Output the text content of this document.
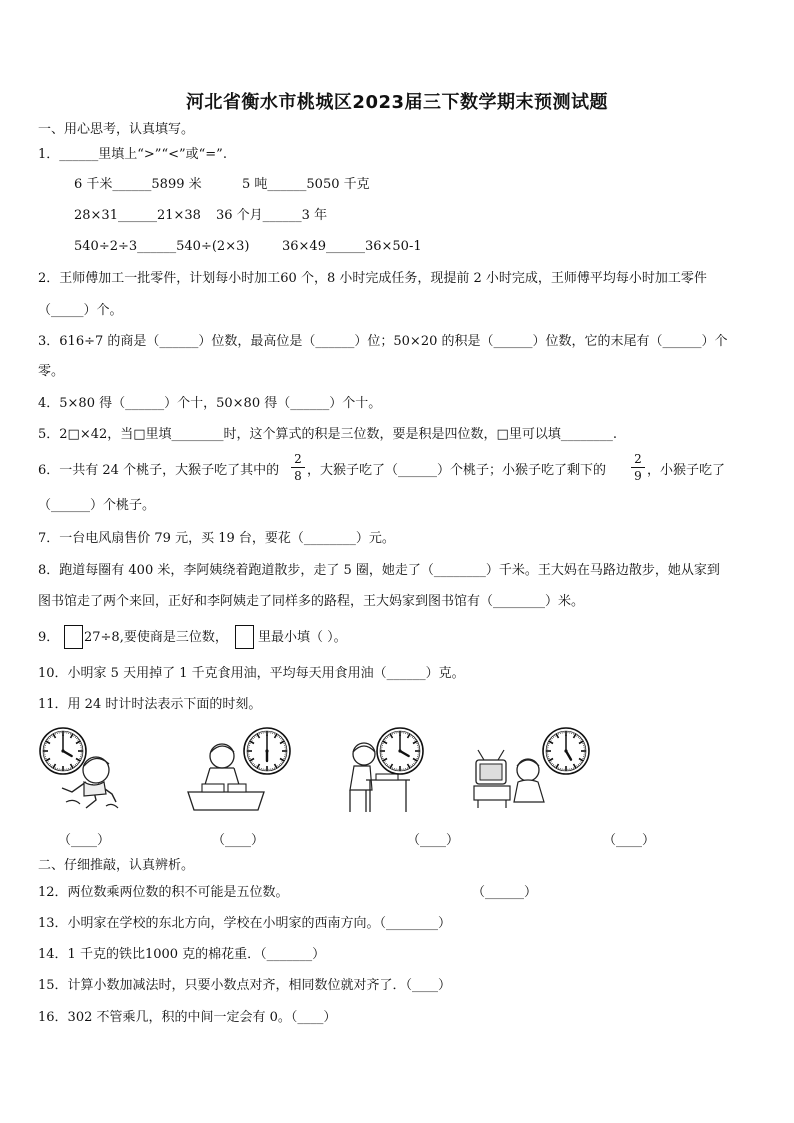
河北省衡水市桃城区2023届三下数学期末预测试题
一、用心思考，认真填写。
1．______里填上“>”“<”或“=”.
6 千米______5899 米	5 吨______5050 千克
28×31______21×38 36 个月______3 年
540÷2÷3______540÷(2×3)	36×49______36×50-1
2．王师傅加工一批零件，计划每小时加工60 个，8 小时完成任务，现提前 2 小时完成，王师傅平均每小时加工零件
（_____）个。
3．616÷7 的商是（______）位数，最高位是（______）位；50×20 的积是（______）位数，它的末尾有（______）个
零。
4．5×80 得（______）个十，50×80 得（______）个十。
5．2□×42，当□里填________时，这个算式的积是三位数，要是积是四位数，□里可以填________.
6．一共有 24 个桃子，大猴子吃了其中的
2
8 ，大猴子吃了（______）个桃子；小猴子吃了剩下的
2
9 ，小猴子吃了
（______）个桃子。
7．一台电风扇售价 79 元，买 19 台，要花（________）元。
8．跑道每圈有 400 米，李阿姨绕着跑道散步，走了 5 圈，她走了（________）千米。王大妈在马路边散步，她从家到
图书馆走了两个来回，正好和李阿姨走了同样多的路程，王大妈家到图书馆有（________）米。
9． 27÷8,要使商是三位数， 里最小填（ ）。
10．小明家 5 天用掉了 1 千克食用油，平均每天用食用油（______）克。
11．用 24 时计时法表示下面的时刻。
（____）	（____）	（____）	（____）
二、仔细推敲，认真辨析。
12．两位数乘两位数的积不可能是五位数。	（______）
13．小明家在学校的东北方向，学校在小明家的西南方向。（________）
14．1 千克的铁比1000 克的棉花重．（_______）
15．计算小数加减法时，只要小数点对齐，相同数位就对齐了．（____）
16．302 不管乘几，积的中间一定会有 0。（____）
